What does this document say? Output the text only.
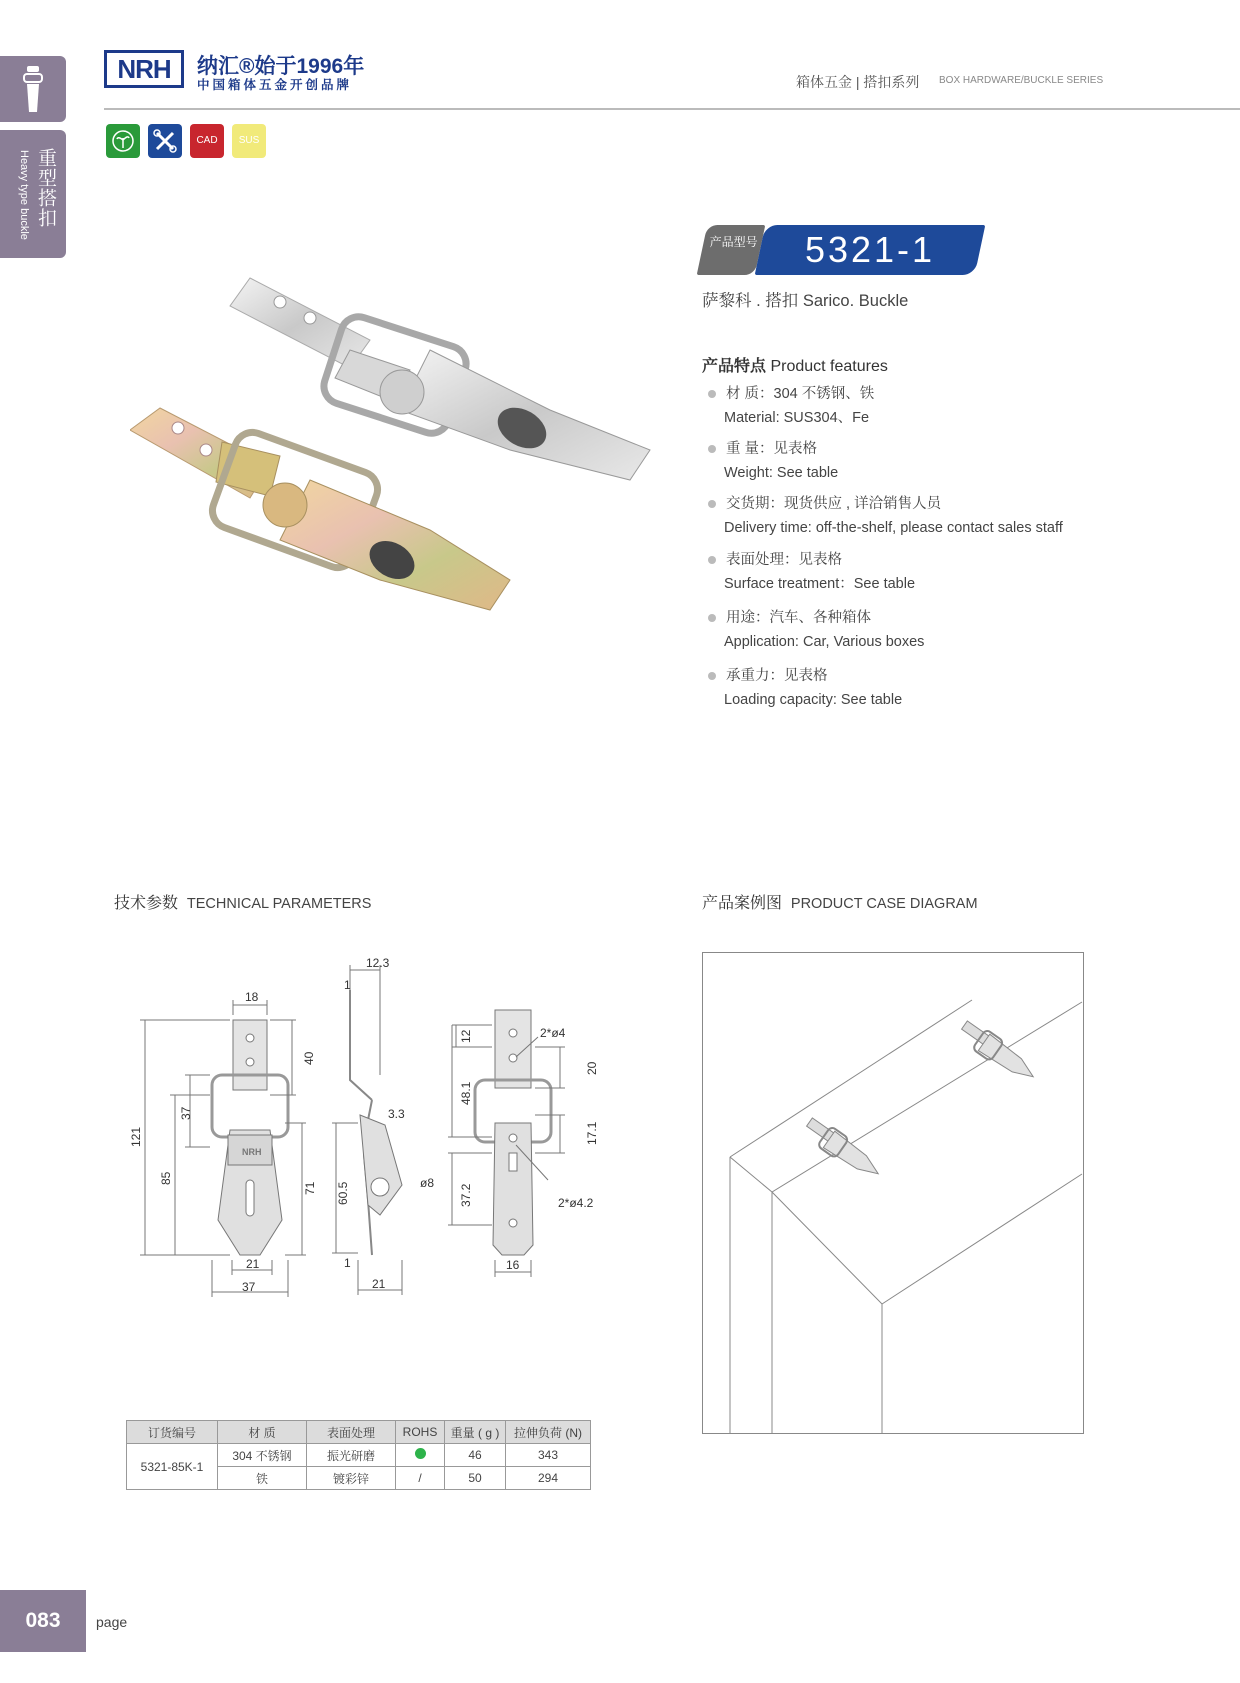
重型搭扣
Heavy type buckle
NRH	纳汇®始于1996年
中国箱体五金开创品牌	箱体五金 | 搭扣系列 BOX HARDWARE/BUCKLE SERIES
CAD	SUS
产品型号	5321-1
萨黎科 . 搭扣 Sarico. Buckle
产品特点 Product features
材 质：304 不锈钢、铁
Material: SUS304、Fe
重 量：见表格
Weight: See table
交货期：现货供应 , 详洽销售人员
Delivery time: off-the-shelf, please contact sales staff
表面处理：见表格
Surface treatment：See table
用途：汽车、各种箱体
Application: Car, Various boxes
承重力：见表格
Loading capacity: See table
技术参数 TECHNICAL PARAMETERS	产品案例图 PRODUCT CASE DIAGRAM
18
40
121
37
85
71
21
37
NRH
12.3
1
3.3
60.5	ø8
1
21
2*ø4
12
20
48.1
17.1
2*ø4.2
37.2
16
订货编号	材 质	表面处理	ROHS	重量 ( g )	拉伸负荷 (N)
5321-85K-1	304 不锈钢	振光研磨		46	343
	铁	镀彩锌	/	50	294
083	page
